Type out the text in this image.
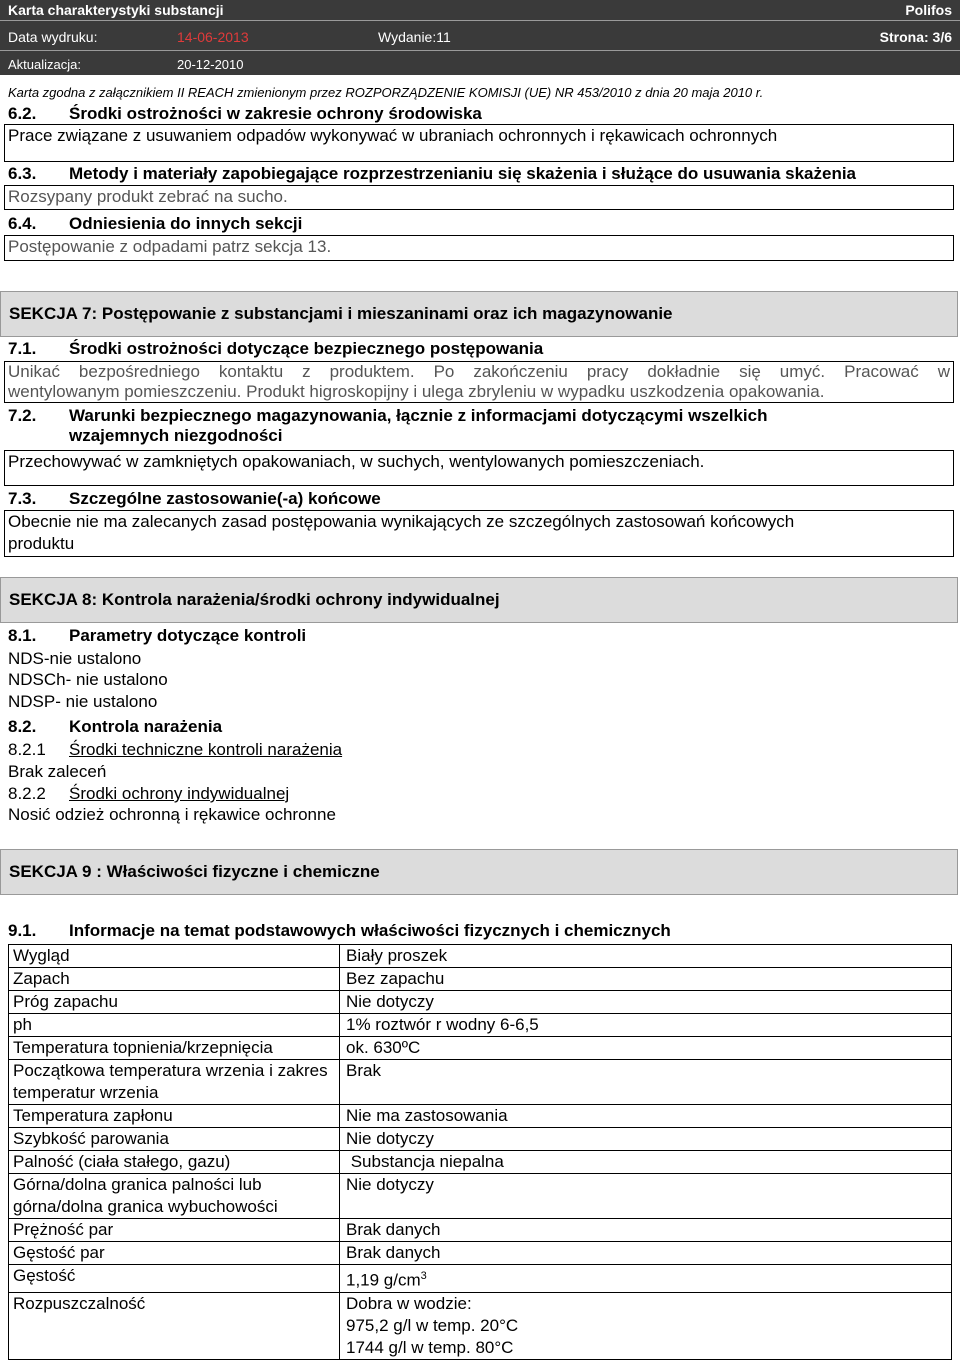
Karta charakterystyki substancji	Polifos
Data wydruku:	14-06-2013	Wydanie:11	Strona: 3/6
Aktualizacja:	20-12-2010
Karta zgodna z załącznikiem II REACH zmienionym przez ROZPORZĄDZENIE KOMISJI (UE) NR 453/2010 z dnia 20 maja 2010 r.
6.2. Środki ostrożności w zakresie ochrony środowiska
Prace związane z usuwaniem odpadów wykonywać w ubraniach ochronnych i rękawicach ochronnych
6.3. Metody i materiały zapobiegające rozprzestrzenianiu się skażenia i służące do usuwania skażenia
Rozsypany produkt zebrać na sucho.
6.4. Odniesienia do innych sekcji
Postępowanie z odpadami patrz sekcja 13.
SEKCJA 7: Postępowanie z substancjami i mieszaninami oraz ich magazynowanie
7.1. Środki ostrożności dotyczące bezpiecznego postępowania
Unikać bezpośredniego kontaktu z produktem. Po zakończeniu pracy dokładnie się umyć. Pracować w
wentylowanym pomieszczeniu. Produkt higroskopijny i ulega zbryleniu w wypadku uszkodzenia opakowania.
7.2. Warunki bezpiecznego magazynowania, łącznie z informacjami dotyczącymi wszelkich
wzajemnych niezgodności
Przechowywać w zamkniętych opakowaniach, w suchych, wentylowanych pomieszczeniach.
7.3. Szczególne zastosowanie(-a) końcowe
Obecnie nie ma zalecanych zasad postępowania wynikających ze szczególnych zastosowań końcowych
produktu
SEKCJA 8: Kontrola narażenia/środki ochrony indywidualnej
8.1. Parametry dotyczące kontroli
NDS-nie ustalono
NDSCh- nie ustalono
NDSP- nie ustalono
8.2. Kontrola narażenia
8.2.1 Środki techniczne kontroli narażenia
Brak zaleceń
8.2.2 Środki ochrony indywidualnej
Nosić odzież ochronną i rękawice ochronne
SEKCJA 9 : Właściwości fizyczne i chemiczne
9.1. Informacje na temat podstawowych właściwości fizycznych i chemicznych
Wygląd	Biały proszek
Zapach	Bez zapachu
Próg zapachu	Nie dotyczy
ph	1% roztwór r wodny 6-6,5
Temperatura topnienia/krzepnięcia	ok. 630ºC
Początkowa temperatura wrzenia i zakres temperatur wrzenia	Brak
Temperatura zapłonu	Nie ma zastosowania
Szybkość parowania	Nie dotyczy
Palność (ciała stałego, gazu)	Substancja niepalna
Górna/dolna granica palności lub górna/dolna granica wybuchowości	Nie dotyczy
Prężność par	Brak danych
Gęstość par	Brak danych
Gęstość	1,19 $g/cm^3$
Rozpuszczalność	Dobra w wodzie:
975,2 g/l w temp. 20°C
1744 g/l w temp. 80°C
